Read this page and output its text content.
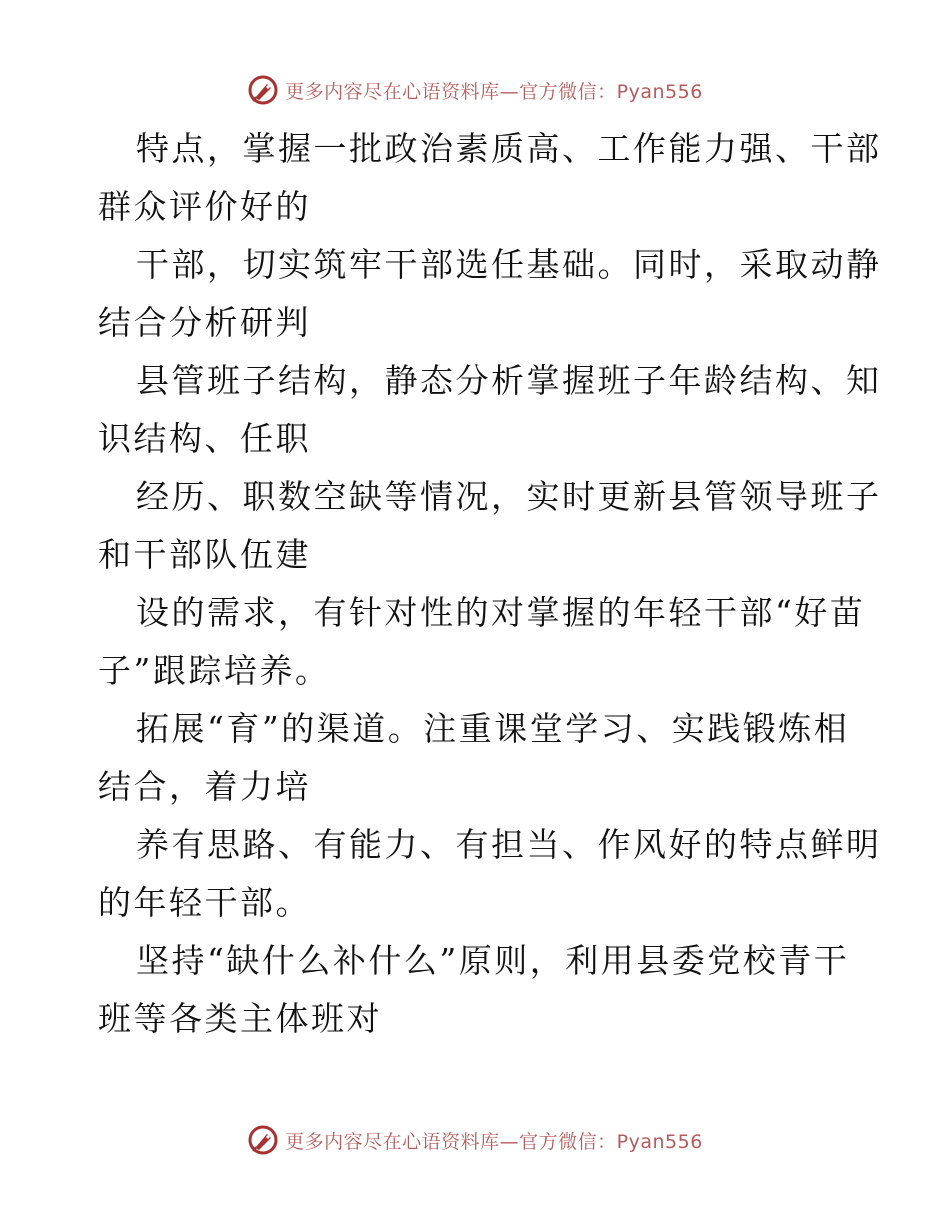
更多内容尽在心语资料库—官方微信：Pyan556

特点，掌握一批政治素质高、工作能力强、干部

群众评价好的

干部，切实筑牢干部选任基础。同时，采取动静

结合分析研判

县管班子结构，静态分析掌握班子年龄结构、知

识结构、任职

经历、职数空缺等情况，实时更新县管领导班子

和干部队伍建

设的需求，有针对性的对掌握的年轻干部“好苗

子”跟踪培养。

拓展“育”的渠道。注重课堂学习、实践锻炼相

结合，着力培

养有思路、有能力、有担当、作风好的特点鲜明

的年轻干部。

坚持“缺什么补什么”原则，利用县委党校青干

班等各类主体班对

更多内容尽在心语资料库—官方微信：Pyan556
